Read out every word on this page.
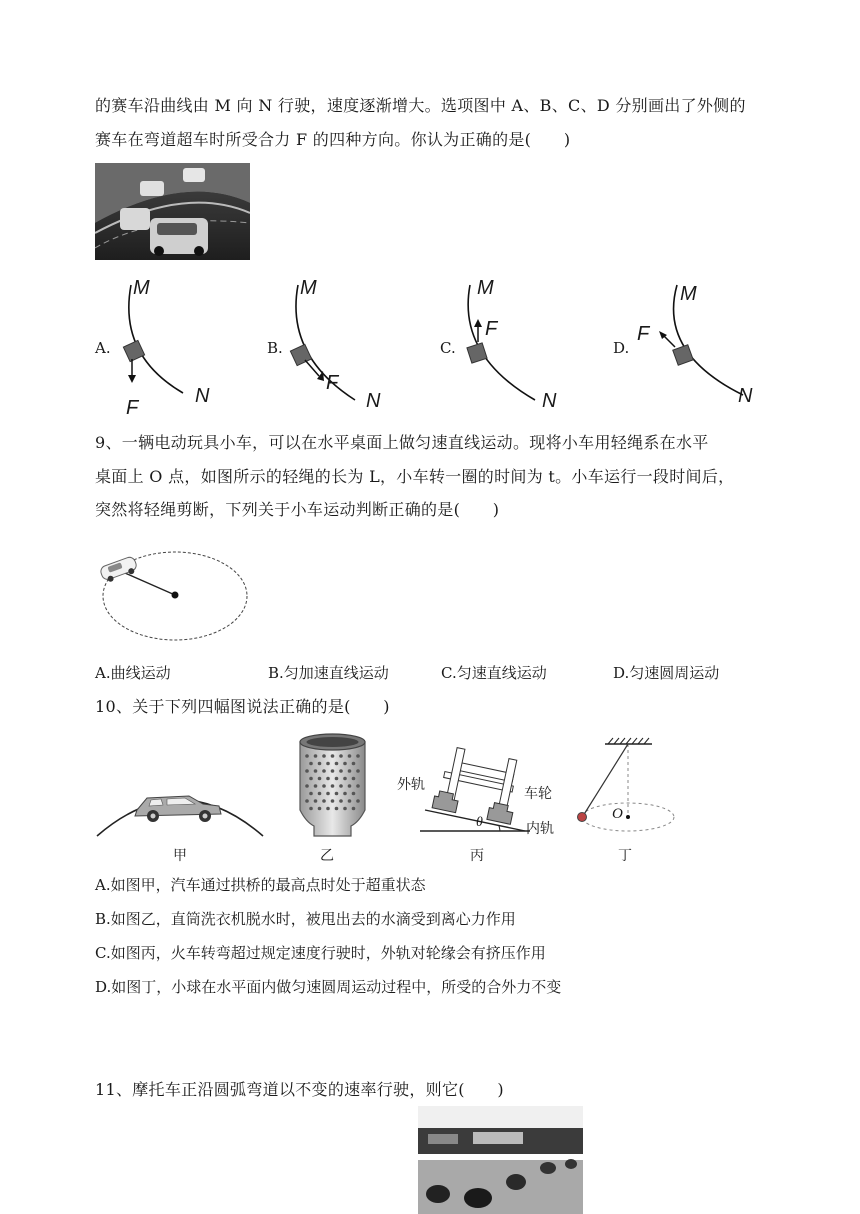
的赛车沿曲线由 M 向 N 行驶，速度逐渐增大。选项图中 A、B、C、D 分别画出了外侧的
赛车在弯道超车时所受合力 F 的四种方向。你认为正确的是(　　)
A.
M
N
F
B.
M
N
F
C.
M
N
F
D.
M
N
F
9、一辆电动玩具小车，可以在水平桌面上做匀速直线运动。现将小车用轻绳系在水平
桌面上 O 点，如图所示的轻绳的长为 L，小车转一圈的时间为 t。小车运行一段时间后，
突然将轻绳剪断，下列关于小车运动判断正确的是(　　)
A.曲线运动	B.匀加速直线运动	C.匀速直线运动	D.匀速圆周运动
10、关于下列四幅图说法正确的是(　　)
外轨
车轮
内轨
θ
O
甲	乙	丙	丁
A.如图甲，汽车通过拱桥的最高点时处于超重状态
B.如图乙，直筒洗衣机脱水时，被甩出去的水滴受到离心力作用
C.如图丙，火车转弯超过规定速度行驶时，外轨对轮缘会有挤压作用
D.如图丁，小球在水平面内做匀速圆周运动过程中，所受的合外力不变
11、摩托车正沿圆弧弯道以不变的速率行驶，则它(　　)
